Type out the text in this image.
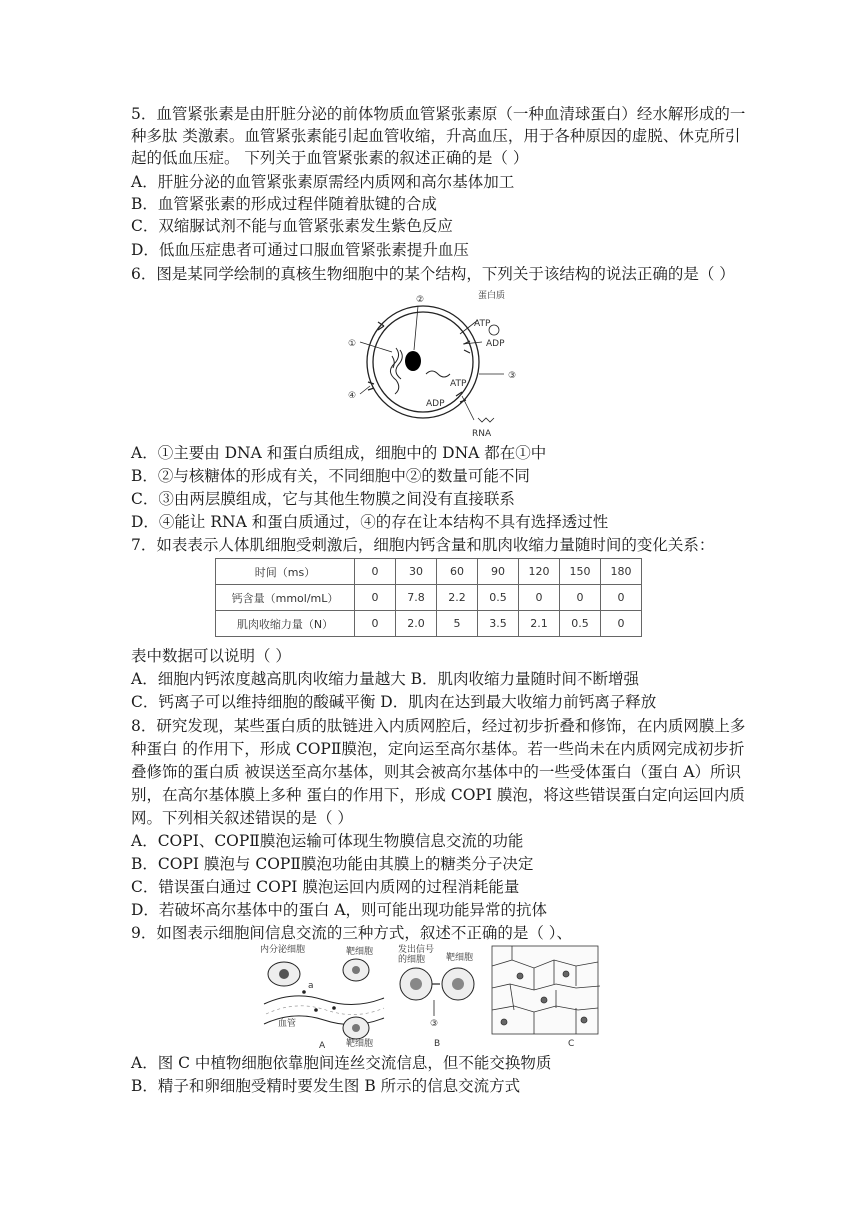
5．血管紧张素是由肝脏分泌的前体物质血管紧张素原（一种血清球蛋白）经水解形成的一
种多肽 类激素。血管紧张素能引起血管收缩，升高血压，用于各种原因的虚脱、休克所引
起的低血压症。 下列关于血管紧张素的叙述正确的是（ ）
A．肝脏分泌的血管紧张素原需经内质网和高尔基体加工
B．血管紧张素的形成过程伴随着肽键的合成
C．双缩脲试剂不能与血管紧张素发生紫色反应
D．低血压症患者可通过口服血管紧张素提升血压
6．图是某同学绘制的真核生物细胞中的某个结构，下列关于该结构的说法正确的是（ ）
②
①
③
④
蛋白质
ATP
ADP
ATP
ADP
RNA
A．①主要由 DNA 和蛋白质组成，细胞中的 DNA 都在①中
B．②与核糖体的形成有关，不同细胞中②的数量可能不同
C．③由两层膜组成，它与其他生物膜之间没有直接联系
D．④能让 RNA 和蛋白质通过，④的存在让本结构不具有选择透过性
7．如表表示人体肌细胞受刺激后，细胞内钙含量和肌肉收缩力量随时间的变化关系：
时间（ms）	0	30	60	90	120	150	180
钙含量（mmol/mL）	0	7.8	2.2	0.5	0	0	0
肌肉收缩力量（N）	0	2.0	5	3.5	2.1	0.5	0
表中数据可以说明（ ）
A．细胞内钙浓度越高肌肉收缩力量越大 B．肌肉收缩力量随时间不断增强
C．钙离子可以维持细胞的酸碱平衡 D．肌肉在达到最大收缩力前钙离子释放
8．研究发现，某些蛋白质的肽链进入内质网腔后，经过初步折叠和修饰，在内质网膜上多
种蛋白 的作用下，形成 COPⅡ膜泡，定向运至高尔基体。若一些尚未在内质网完成初步折
叠修饰的蛋白质 被误送至高尔基体，则其会被高尔基体中的一些受体蛋白（蛋白 A）所识
别，在高尔基体膜上多种 蛋白的作用下，形成 COPI 膜泡，将这些错误蛋白定向运回内质
网。下列相关叙述错误的是（ ）
A．COPI、COPⅡ膜泡运输可体现生物膜信息交流的功能
B．COPI 膜泡与 COPⅡ膜泡功能由其膜上的糖类分子决定
C．错误蛋白通过 COPI 膜泡运回内质网的过程消耗能量
D．若破坏高尔基体中的蛋白 A，则可能出现功能异常的抗体
9．如图表示细胞间信息交流的三种方式，叙述不正确的是（ ）、
内分泌细胞	靶细胞
靶细胞
血管
a
A
发出信号
的细胞 靶细胞
③
B	C
A．图 C 中植物细胞依靠胞间连丝交流信息，但不能交换物质
B．精子和卵细胞受精时要发生图 B 所示的信息交流方式
